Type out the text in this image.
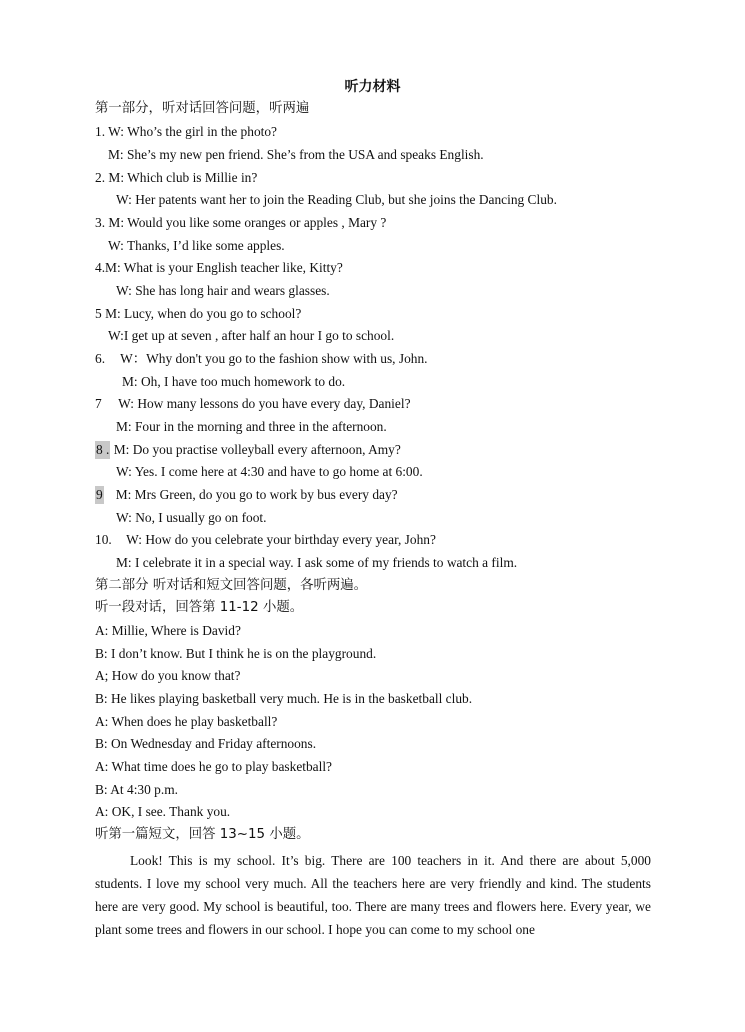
听力材料
第一部分，听对话回答问题，听两遍
1. W: Who’s the girl in the photo?
M: She’s my new pen friend. She’s from the USA and speaks English.
2. M: Which club is Millie in?
W: Her patents want her to join the Reading Club, but she joins the Dancing Club.
3. M: Would you like some oranges or apples , Mary ?
W: Thanks, I’d like some apples.
4.M: What is your English teacher like, Kitty?
W: She has long hair and wears glasses.
5 M: Lucy, when do you go to school?
W:I get up at seven , after half an hour I go to school.
6. W：Why don't you go to the fashion show with us, John.
M: Oh, I have too much homework to do.
7 W: How many lessons do you have every day, Daniel?
M: Four in the morning and three in the afternoon.
8 . M: Do you practise volleyball every afternoon, Amy?
W: Yes. I come here at 4:30 and have to go home at 6:00.
9 M: Mrs Green, do you go to work by bus every day?
W: No, I usually go on foot.
10. W: How do you celebrate your birthday every year, John?
M: I celebrate it in a special way. I ask some of my friends to watch a film.
第二部分 听对话和短文回答问题，各听两遍。
听一段对话，回答第 11-12 小题。
A: Millie, Where is David?
B: I don’t know. But I think he is on the playground.
A; How do you know that?
B: He likes playing basketball very much. He is in the basketball club.
A: When does he play basketball?
B: On Wednesday and Friday afternoons.
A: What time does he go to play basketball?
B: At 4:30 p.m.
A: OK, I see. Thank you.
听第一篇短文，回答 13~15 小题。
Look! This is my school. It’s big. There are 100 teachers in it. And there are about 5,000 students. I love my school very much. All the teachers here are very friendly and kind. The students here are very good. My school is beautiful, too. There are many trees and flowers here. Every year, we plant some trees and flowers in our school. I hope you can come to my school one
